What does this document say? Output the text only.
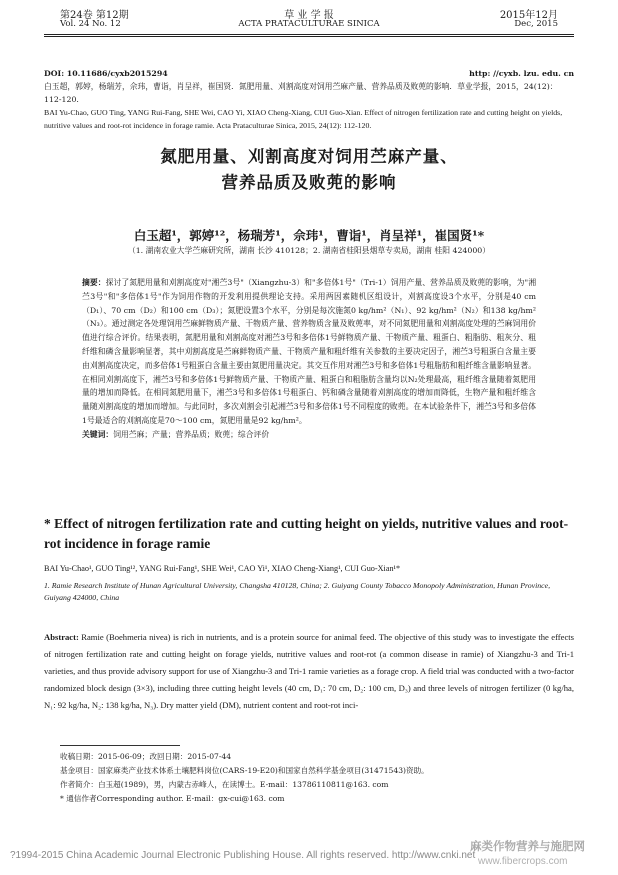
第24卷 第12期	草 业 学 报	2015年12月
Vol. 24 No. 12	ACTA PRATACULTURAE SINICA	Dec, 2015
DOI: 10.11686/cyxb2015294	http: //cyxb. lzu. edu. cn
白玉超，郭婷，杨瑞芳，佘玮，曹诣，肖呈祥，崔国贤．氮肥用量、刈割高度对饲用苎麻产量、营养品质及败蔸的影响．草业学报，2015，24(12)：112-120.
BAI Yu-Chao, GUO Ting, YANG Rui-Fang, SHE Wei, CAO Yi, XIAO Cheng-Xiang, CUI Guo-Xian. Effect of nitrogen fertilization rate and cutting height on yields, nutritive values and root-rot incidence in forage ramie. Acta Prataculturae Sinica, 2015, 24(12): 112-120.
氮肥用量、刈割高度对饲用苎麻产量、
营养品质及败蔸的影响
白玉超¹，郭婷¹²，杨瑞芳¹，佘玮¹，曹诣¹，肖呈祥¹，崔国贤¹*
（1. 湖南农业大学苎麻研究所，湖南 长沙 410128；2. 湖南省桂阳县烟草专卖局，湖南 桂阳 424000）
摘要：探讨了氮肥用量和刈割高度对"湘苎3号"（Xiangzhu-3）和"多倍体1号"（Tri-1）饲用产量、营养品质及败蔸的影响，为"湘苎3号"和"多倍体1号"作为饲用作物的开发利用提供理论支持。采用两因素随机区组设计，刈割高度设3个水平，分别是40 cm（D₁）、70 cm（D₂）和100 cm（D₃）；氮肥设置3个水平，分别是每次施氮0 kg/hm²（N₁）、92 kg/hm²（N₂）和138 kg/hm²（N₃）。通过测定各处理饲用苎麻鲜物质产量、干物质产量、营养物质含量及败蔸率，对不同氮肥用量和刈割高度处理的苎麻饲用价值进行综合评价。结果表明，氮肥用量和刈割高度对湘苎3号和多倍体1号鲜物质产量、干物质产量、粗蛋白、粗脂肪、粗灰分、粗纤维和磷含量影响显著，其中刈割高度是苎麻鲜物质产量、干物质产量和粗纤维有关参数的主要决定因子，湘苎3号粗蛋白含量主要由刈割高度决定，而多倍体1号粗蛋白含量主要由氮肥用量决定。其交互作用对湘苎3号和多倍体1号粗脂肪和粗纤维含量影响显著。在相同刈割高度下，湘苎3号和多倍体1号鲜物质产量、干物质产量、粗蛋白和粗脂肪含量均以N₂处理最高，粗纤维含量随着氮肥用量的增加而降低。在相同氮肥用量下，湘苎3号和多倍体1号粗蛋白、钙和磷含量随着刈割高度的增加而降低，生物产量和粗纤维含量随刈割高度的增加而增加。与此同时，多次刈割会引起湘苎3号和多倍体1号不同程度的败蔸。在本试验条件下，湘苎3号和多倍体1号最适合的刈割高度是70～100 cm，氮肥用量是92 kg/hm²。
关键词：饲用苎麻；产量；营养品质；败蔸；综合评价
* Effect of nitrogen fertilization rate and cutting height on yields, nutritive values and root-rot incidence in forage ramie
BAI Yu-Chao¹, GUO Ting¹², YANG Rui-Fang¹, SHE Wei¹, CAO Yi¹, XIAO Cheng-Xiang¹, CUI Guo-Xian¹*
1. Ramie Research Institute of Hunan Agricultural University, Changsha 410128, China; 2. Guiyang County Tobacco Monopoly Administration, Hunan Province, Guiyang 424000, China
Abstract: Ramie (Boehmeria nivea) is rich in nutrients, and is a protein source for animal feed. The objective of this study was to investigate the effects of nitrogen fertilization rate and cutting height on forage yields, nutritive values and root-rot (a common disease in ramie) of Xiangzhu-3 and Tri-1 varieties, and thus provide advisory support for use of Xiangzhu-3 and Tri-1 ramie varieties as a forage crop. A field trial was conducted with a two-factor randomized block design (3×3), including three cutting height levels (40 cm, D₁: 70 cm, D₂: 100 cm, D₃) and three levels of nitrogen fertilizer (0 kg/ha, N₁: 92 kg/ha, N₂: 138 kg/ha, N₃). Dry matter yield (DM), nutrient content and root-rot inci-
收稿日期：2015-06-09；改回日期：2015-07-44
基金项目：国家麻类产业技术体系土壤肥料岗位(CARS-19-E20)和国家自然科学基金项目(31471543)资助。
作者简介：白玉超(1989)，男，内蒙古赤峰人，在读博士。E-mail：13786110811@163. com
* 通信作者Corresponding author. E-mail：gx-cui@163. com
?1994-2015 China Academic Journal Electronic Publishing House. All rights reserved. http://www.cnki.net
麻类作物营养与施肥网
www.fibercrops.com
